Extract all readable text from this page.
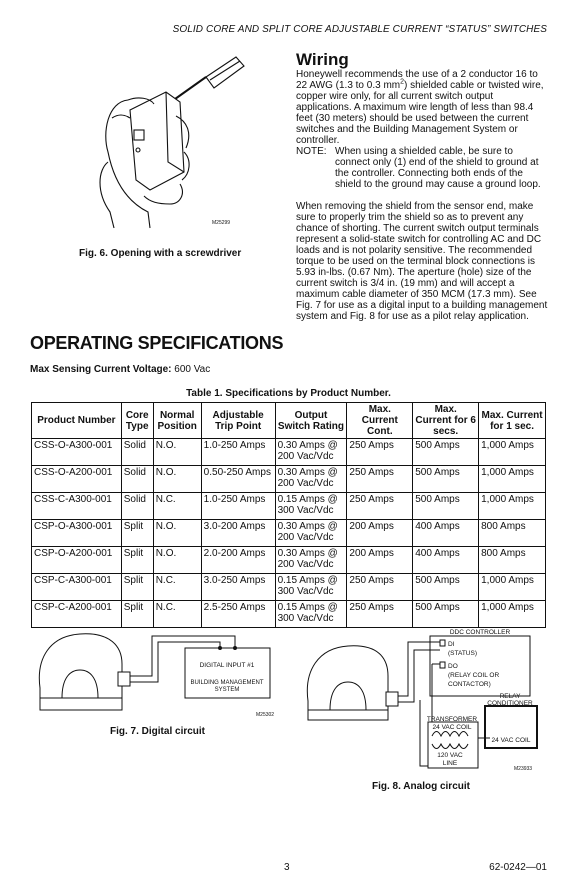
SOLID CORE AND SPLIT CORE ADJUSTABLE CURRENT “STATUS” SWITCHES
M25299
Fig. 6. Opening with a screwdriver
Wiring
Honeywell recommends the use of a 2 conductor 16 to 22 AWG (1.3 to 0.3 $mm^2$) shielded cable or twisted wire, copper wire only, for all current switch output applications. A maximum wire length of less than 98.4 feet (30 meters) should be used between the current switches and the Building Management System or controller.
NOTE: When using a shielded cable, be sure to connect only (1) end of the shield to ground at the controller. Connecting both ends of the shield to the ground may cause a ground loop.
When removing the shield from the sensor end, make sure to properly trim the shield so as to prevent any chance of shorting. The current switch output terminals represent a solid-state switch for controlling AC and DC loads and is not polarity sensitive. The recommended torque to be used on the terminal block connections is 5.93 in-lbs. (0.67 Nm). The aperture (hole) size of the current switch is 3/4 in. (19 mm) and will accept a maximum cable diameter of 350 MCM (17.3 mm). See Fig. 7 for use as a digital input to a building management system and Fig. 8 for use as a pilot relay application.
OPERATING SPECIFICATIONS
Max Sensing Current Voltage: 600 Vac
Table 1. Specifications by Product Number.
Product Number	Core Type	Normal Position	Adjustable Trip Point	Output Switch Rating	Max. Current Cont.	Max. Current for 6 secs.	Max. Current for 1 sec.
CSS-O-A300-001	Solid	N.O.	1.0-250 Amps	0.30 Amps @ 200 Vac/Vdc	250 Amps	500 Amps	1,000 Amps
CSS-O-A200-001	Solid	N.O.	0.50-250 Amps	0.30 Amps @ 200 Vac/Vdc	250 Amps	500 Amps	1,000 Amps
CSS-C-A300-001	Solid	N.C.	1.0-250 Amps	0.15 Amps @ 300 Vac/Vdc	250 Amps	500 Amps	1,000 Amps
CSP-O-A300-001	Split	N.O.	3.0-200 Amps	0.30 Amps @ 200 Vac/Vdc	200 Amps	400 Amps	800 Amps
CSP-O-A200-001	Split	N.O.	2.0-200 Amps	0.30 Amps @ 200 Vac/Vdc	200 Amps	400 Amps	800 Amps
CSP-C-A300-001	Split	N.C.	3.0-250 Amps	0.15 Amps @ 300 Vac/Vdc	250 Amps	500 Amps	1,000 Amps
CSP-C-A200-001	Split	N.C.	2.5-250 Amps	0.15 Amps @ 300 Vac/Vdc	250 Amps	500 Amps	1,000 Amps
DIGITAL INPUT #1
BUILDING MANAGEMENT
SYSTEM
M25302
Fig. 7. Digital circuit
DDC CONTROLLER
DI
(STATUS)
DO
(RELAY COIL OR
CONTACTOR)
RELAY
CONDITIONER
TRANSFORMER
24 VAC COIL
24 VAC COIL
120 VAC
LINE
M23933
Fig. 8. Analog circuit
3	62-0242—01
